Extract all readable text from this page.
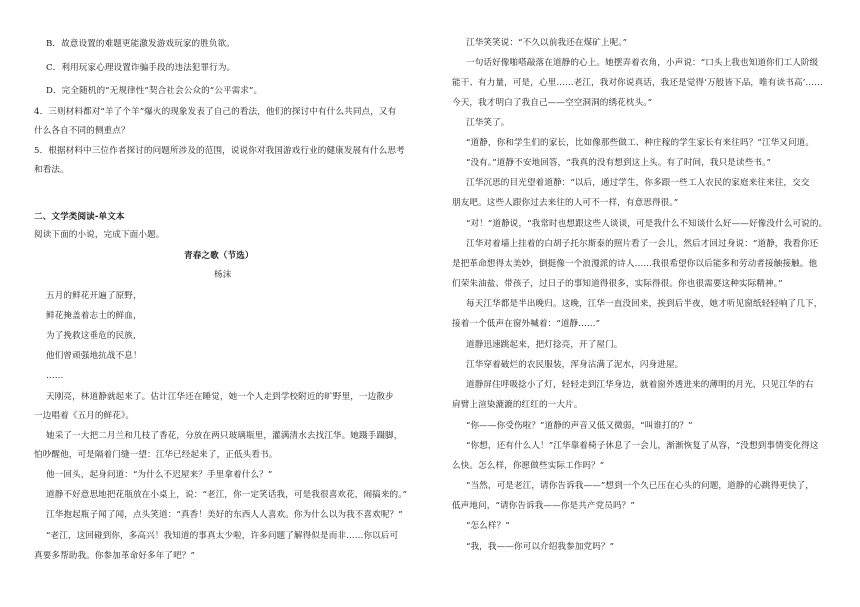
B．故意设置的难题更能激发游戏玩家的胜负欲。
C．利用玩家心理设置诈骗手段的违法犯罪行为。
D．完全随机的“无规律性”契合社会公众的“公平需求”。
4．三则材料都对“羊了个羊”爆火的现象发表了自己的看法，他们的探讨中有什么共同点，又有
什么各自不同的侧重点？
5．根据材料中三位作者探讨的问题所涉及的范围，说说你对我国游戏行业的健康发展有什么思考
和看法。
二、文学类阅读-单文本
阅读下面的小说，完成下面小题。
青春之歌（节选）
杨沫
五月的鲜花开遍了原野，
鲜花掩盖着志士的鲜血，
为了挽救这垂危的民族，
他们曾顽强地抗战不息！
……
天刚亮，林道静就起来了。估计江华还在睡觉，她一个人走到学校附近的旷野里，一边散步
一边唱着《五月的鲜花》。
她采了一大把二月兰和几枝了香花，分放在两只玻璃瓶里，灌满清水去找江华。她蹑手蹑脚，
怕吵醒他，可是隔着门缝一望：江华已经起来了，正低头看书。
他一回头，起身问道：“为什么不迟屋来？手里拿着什么？”
道静不好意思地把花瓶放在小桌上，说：“老江，你一定笑话我，可是我很喜欢花，闹搞来的。”
江华抱起瓶子闻了闻，点头笑道：“真香！美好的东西人人喜欢。你为什么以为我不喜欢呢？”
“老江，这回碰到你，多高兴！我知道的事真太少啦，许多问题了解得似是而非……你以后可
真要多帮助我。你参加革命好多年了吧？”
江华笑笑说：“不久以前我还在煤矿上呢。”
一句话好像啪嗒敲落在道静的心上。她摆弄着衣角，小声说：“口头上我也知道你们工人阶级
能干、有力量，可是，心里……老江，我对你说真话，我还是觉得‘万般皆下品，唯有读书高’……
今天，我才明白了我自己——空空洞洞的绣花枕头。”
江华笑了。
“道静，你和学生们的家长，比如像那些做工、种庄稼的学生家长有来往吗？”江华又问道。
“没有。”道静不安地回答，“我真的没有想到这上头。有了时间，我只是读些书。”
江华沉思的目光望着道静：“以后，通过学生，你多跟一些工人农民的家庭来往来往，交交
朋友吧。这些人跟你过去来往的人可不一样，有意思得很。”
“对！”道静说，“我常时也想跟这些人谈谈，可是我什么不知谈什么好——好像没什么可说的。
江华对着墙上挂着的白胡子托尔斯泰的照片看了一会儿，然后才回过身说：“道静，我看你还
是把革命想得太美妙，倒挺像一个浪漫派的诗人……我很希望你以后能多和劳动者接触接触。他
们荣朱油盐、带孩子，过日子的事知道得很多，实际得很。你也很需要这种实际精神。”
每天江华都是半出晚归。这晚，江华一直没回来，挨到后半夜，她才听见窗纸轻轻响了几下，
接着一个低声在窗外喊着：“道静……”
道静迅速跳起来，把灯捻亮，开了屋门。
江华穿着破烂的农民服装，浑身沾满了泥水，闪身进屋。
道静屏住呼吸捻小了灯，轻轻走到江华身边，就着窗外透进来的薄明的月光，只见江华的右
肩臂上渲染漉漉的红红的一大片。
“你——你受伤啦？”道静的声音又低又微弱，“叫谁打的？”
“你想，还有什么人！”江华靠着椅子休息了一会儿，渐渐恢复了从容，“没想到事情变化得这
么快。怎么样，你愿做些实际工作吗？”
“当然，可是老江，请你告诉我——”想到一个久已压在心头的问题，道静的心跳得更快了，
低声地问，“请你告诉我——你是共产党员吗？”
“怎么样？”
“我，我——你可以介绍我参加党吗？”
